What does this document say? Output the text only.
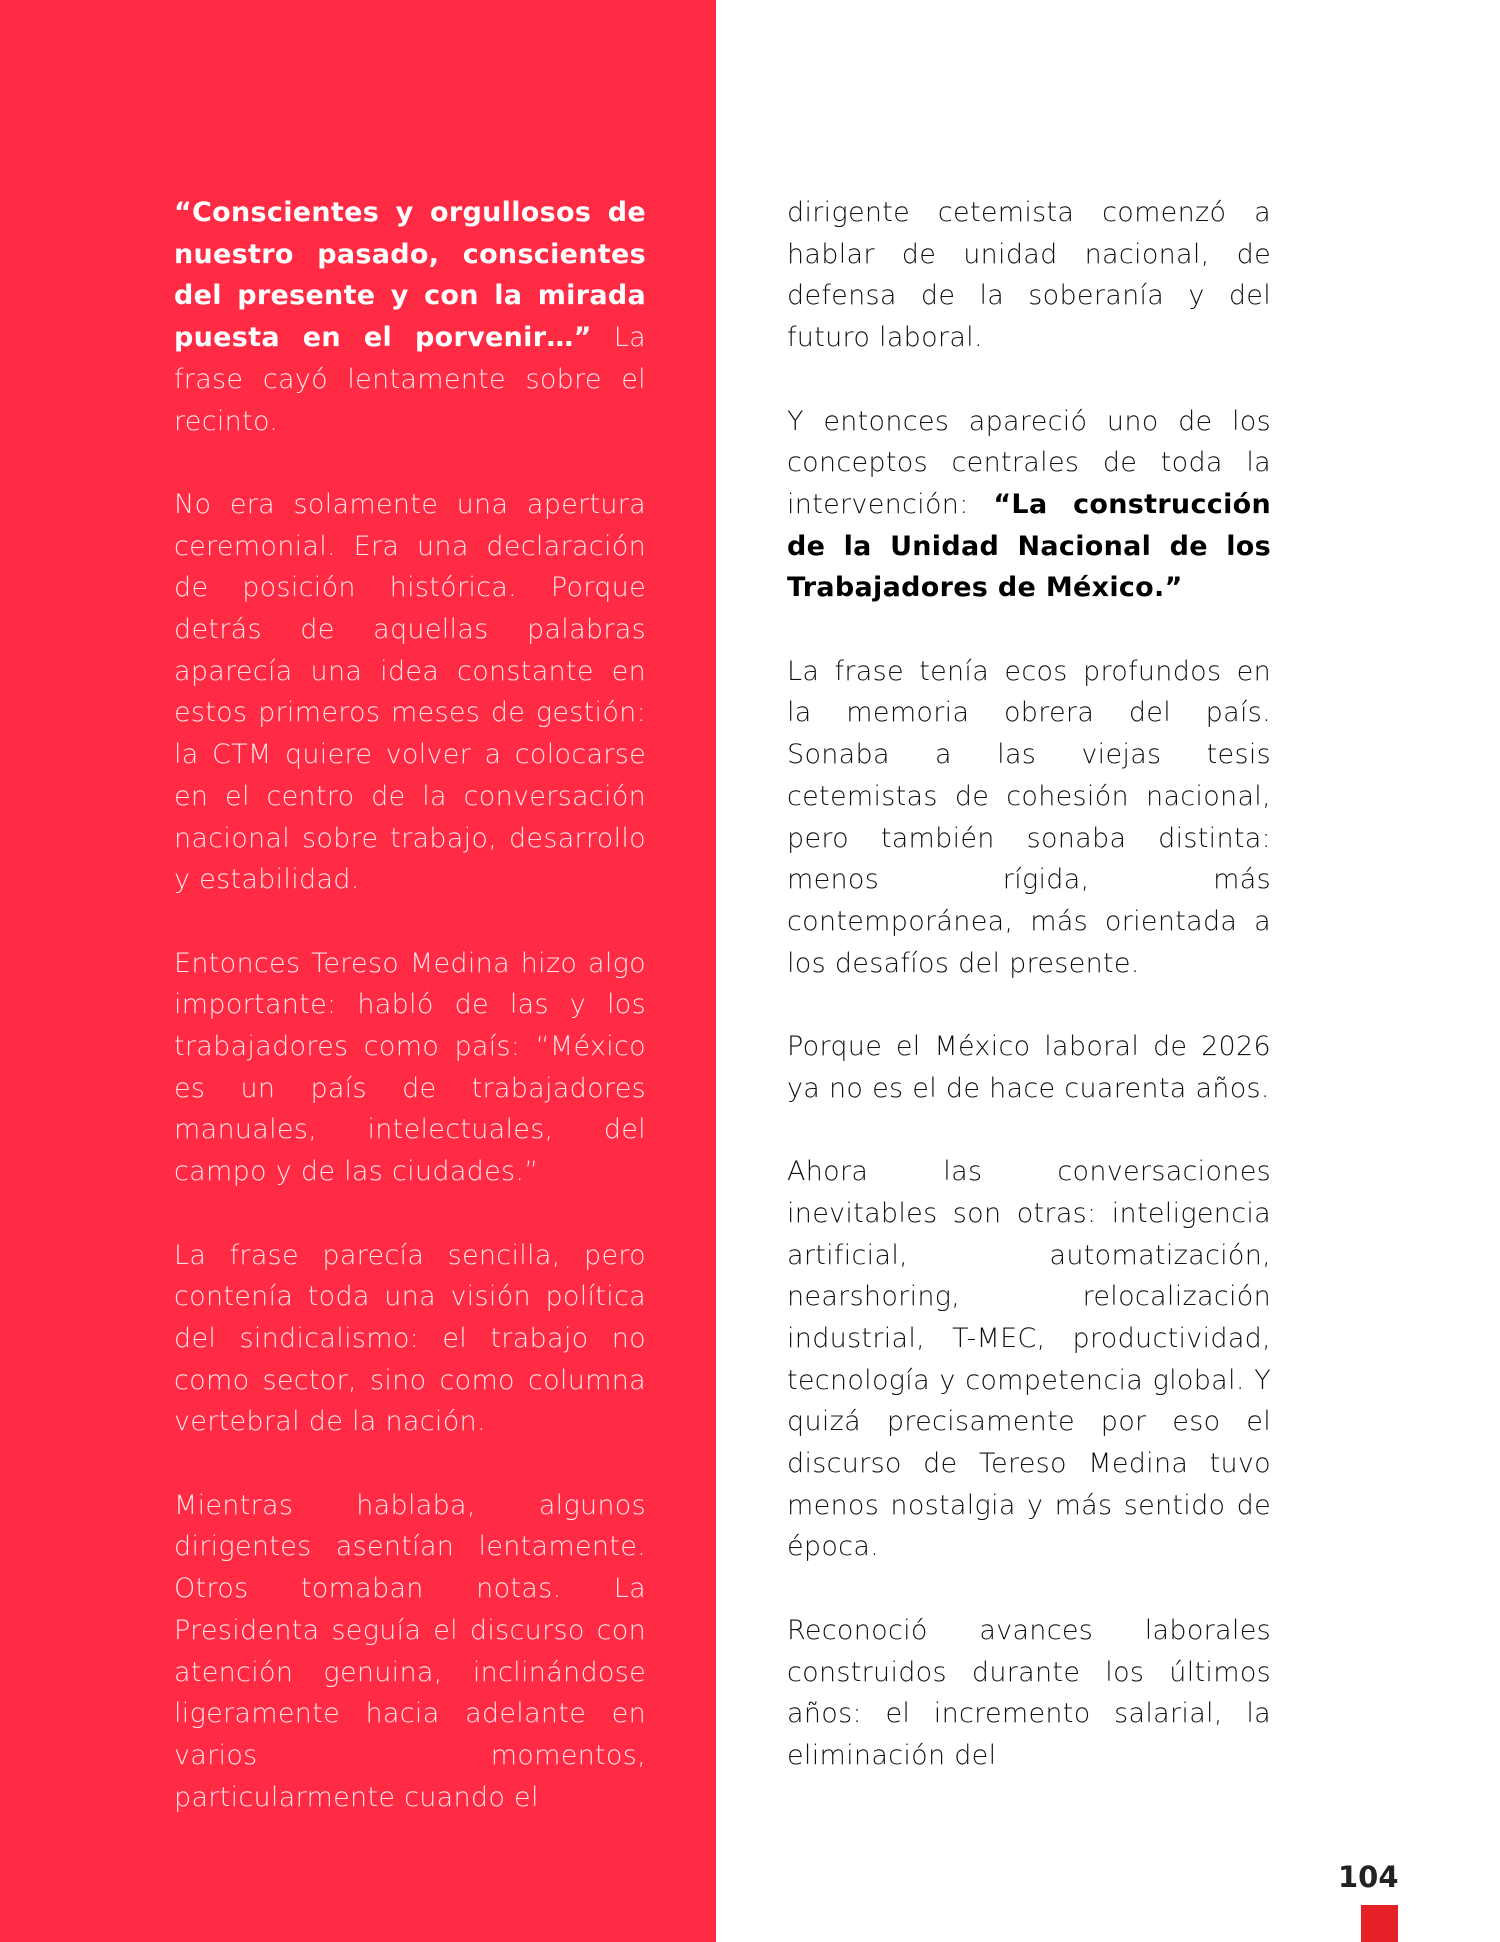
“Conscientes y orgullosos de nuestro pasado, conscientes del presente y con la mirada puesta en el porvenir…” La frase cayó lentamente sobre el recinto.

No era solamente una apertura ceremonial. Era una declaración de posición histórica. Porque detrás de aquellas palabras aparecía una idea constante en estos primeros meses de gestión: la CTM quiere volver a colocarse en el centro de la conversación nacional sobre trabajo, desarrollo y estabilidad.

Entonces Tereso Medina hizo algo importante: habló de las y los trabajadores como país: “México es un país de trabajadores manuales, intelectuales, del campo y de las ciudades.”

La frase parecía sencilla, pero contenía toda una visión política del sindicalismo: el trabajo no como sector, sino como columna vertebral de la nación.

Mientras hablaba, algunos dirigentes asentían lentamente. Otros tomaban notas. La Presidenta seguía el discurso con atención genuina, inclinándose ligeramente hacia adelante en varios momentos, particularmente cuando el

dirigente cetemista comenzó a hablar de unidad nacional, de defensa de la soberanía y del futuro laboral.

Y entonces apareció uno de los conceptos centrales de toda la intervención: “La construcción de la Unidad Nacional de los Trabajadores de México.”

La frase tenía ecos profundos en la memoria obrera del país. Sonaba a las viejas tesis cetemistas de cohesión nacional, pero también sonaba distinta: menos rígida, más contemporánea, más orientada a los desafíos del presente.

Porque el México laboral de 2026 ya no es el de hace cuarenta años.

Ahora las conversaciones inevitables son otras: inteligencia artificial, automatización, nearshoring, relocalización industrial, T-MEC, productividad, tecnología y competencia global. Y quizá precisamente por eso el discurso de Tereso Medina tuvo menos nostalgia y más sentido de época.

Reconoció avances laborales construidos durante los últimos años: el incremento salarial, la eliminación del

104
